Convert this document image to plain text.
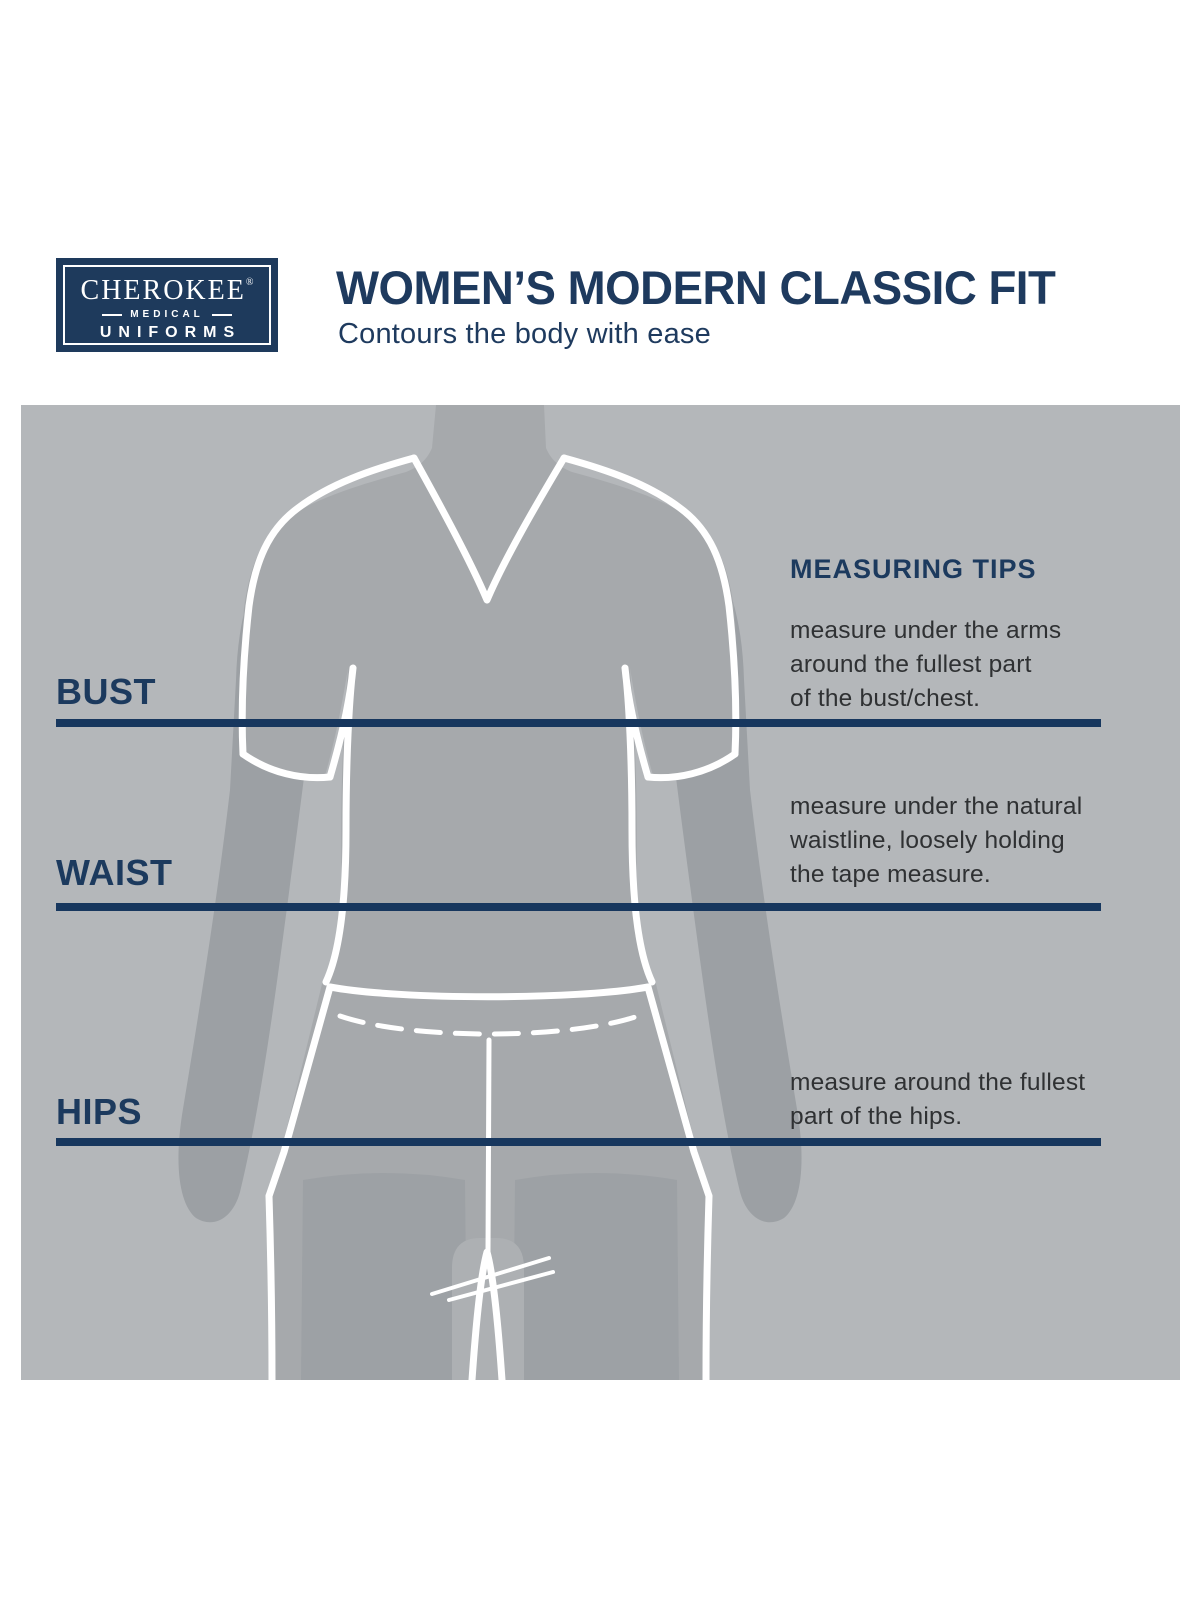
CHEROKEE®
MEDICAL
UNIFORMS
WOMEN’S MODERN CLASSIC FIT

Contours the body with ease

MEASURING TIPS

BUST

measure under the arms
around the fullest part
of the bust/chest.

WAIST

measure under the natural
waistline, loosely holding
the tape measure.

HIPS

measure around the fullest
part of the hips.
